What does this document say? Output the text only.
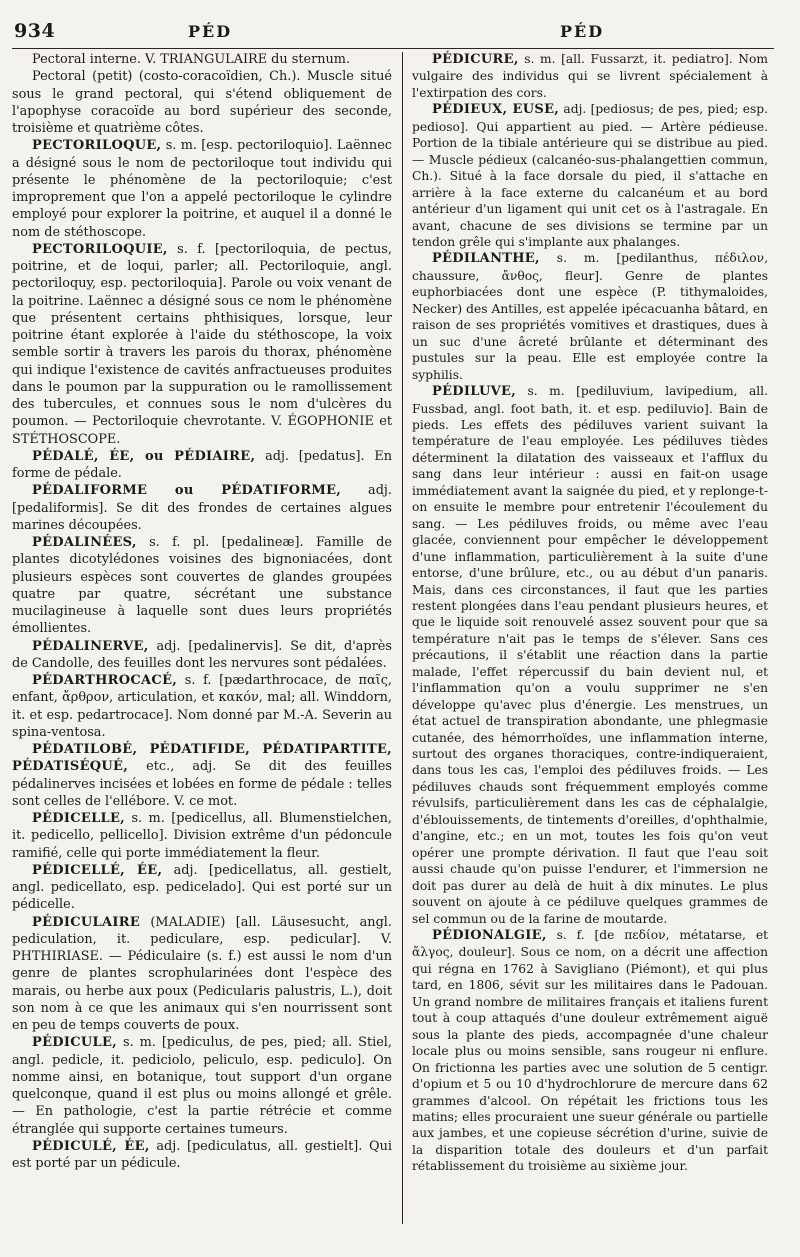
934	PÉD	PÉD

Pectoral interne. V. TRIANGULAIRE du sternum.

Pectoral (petit) (costo-coracoïdien, Ch.). Muscle situé sous le grand pectoral, qui s'étend obliquement de l'apophyse coracoïde au bord supérieur des seconde, troisième et quatrième côtes.

PECTORILOQUE, s. m. [esp. pectoriloquio]. Laënnec a désigné sous le nom de pectoriloque tout individu qui présente le phénomène de la pectoriloquie; c'est improprement que l'on a appelé pectoriloque le cylindre employé pour explorer la poitrine, et auquel il a donné le nom de stéthoscope.

PECTORILOQUIE, s. f. [pectoriloquia, de pectus, poitrine, et de loqui, parler; all. Pectoriloquie, angl. pectoriloquy, esp. pectoriloquia]. Parole ou voix venant de la poitrine. Laënnec a désigné sous ce nom le phénomène que présentent certains phthisiques, lorsque, leur poitrine étant explorée à l'aide du stéthoscope, la voix semble sortir à travers les parois du thorax, phénomène qui indique l'existence de cavités anfractueuses produites dans le poumon par la suppuration ou le ramollissement des tubercules, et connues sous le nom d'ulcères du poumon. — Pectoriloquie chevrotante. V. ÉGOPHONIE et STÉTHOSCOPE.

PÉDALÉ, ÉE, ou PÉDIAIRE, adj. [pedatus]. En forme de pédale.

PÉDALIFORME ou PÉDATIFORME, adj. [pedaliformis]. Se dit des frondes de certaines algues marines découpées.

PÉDALINÉES, s. f. pl. [pedalineæ]. Famille de plantes dicotylédones voisines des bignoniacées, dont plusieurs espèces sont couvertes de glandes groupées quatre par quatre, sécrétant une substance mucilagineuse à laquelle sont dues leurs propriétés émollientes.

PÉDALINERVE, adj. [pedalinervis]. Se dit, d'après de Candolle, des feuilles dont les nervures sont pédalées.

PÉDARTHROCACÉ, s. f. [pædarthrocace, de παῖς, enfant, ἄρθρον, articulation, et κακόν, mal; all. Winddorn, it. et esp. pedartrocace]. Nom donné par M.-A. Severin au spina-ventosa.

PÉDATILOBÉ, PÉDATIFIDE, PÉDATIPARTITE, PÉDATISÉQUÉ, etc., adj. Se dit des feuilles pédalinerves incisées et lobées en forme de pédale : telles sont celles de l'ellébore. V. ce mot.

PÉDICELLE, s. m. [pedicellus, all. Blumenstielchen, it. pedicello, pellicello]. Division extrême d'un pédoncule ramifié, celle qui porte immédiatement la fleur.

PÉDICELLÉ, ÉE, adj. [pedicellatus, all. gestielt, angl. pedicellato, esp. pedicelado]. Qui est porté sur un pédicelle.

PÉDICULAIRE (MALADIE) [all. Läusesucht, angl. pediculation, it. pediculare, esp. pedicular]. V. PHTHIRIASE. — Pédiculaire (s. f.) est aussi le nom d'un genre de plantes scrophularinées dont l'espèce des marais, ou herbe aux poux (Pedicularis palustris, L.), doit son nom à ce que les animaux qui s'en nourrissent sont en peu de temps couverts de poux.

PÉDICULE, s. m. [pediculus, de pes, pied; all. Stiel, angl. pedicle, it. pediciolo, peliculo, esp. pediculo]. On nomme ainsi, en botanique, tout support d'un organe quelconque, quand il est plus ou moins allongé et grêle. — En pathologie, c'est la partie rétrécie et comme étranglée qui supporte certaines tumeurs.

PÉDICULÉ, ÉE, adj. [pediculatus, all. gestielt]. Qui est porté par un pédicule.

PÉDICURE, s. m. [all. Fussarzt, it. pediatro]. Nom vulgaire des individus qui se livrent spécialement à l'extirpation des cors.

PÉDIEUX, EUSE, adj. [pediosus; de pes, pied; esp. pedioso]. Qui appartient au pied. — Artère pédieuse. Portion de la tibiale antérieure qui se distribue au pied. — Muscle pédieux (calcanéo-sus-phalangettien commun, Ch.). Situé à la face dorsale du pied, il s'attache en arrière à la face externe du calcanéum et au bord antérieur d'un ligament qui unit cet os à l'astragale. En avant, chacune de ses divisions se termine par un tendon grêle qui s'implante aux phalanges.

PÉDILANTHE, s. m. [pedilanthus, πέδιλον, chaussure, ἄνθος, fleur]. Genre de plantes euphorbiacées dont une espèce (P. tithymaloides, Necker) des Antilles, est appelée ipécacuanha bâtard, en raison de ses propriétés vomitives et drastiques, dues à un suc d'une âcreté brûlante et déterminant des pustules sur la peau. Elle est employée contre la syphilis.

PÉDILUVE, s. m. [pediluvium, lavipedium, all. Fussbad, angl. foot bath, it. et esp. pediluvio]. Bain de pieds. Les effets des pédiluves varient suivant la température de l'eau employée. Les pédiluves tièdes déterminent la dilatation des vaisseaux et l'afflux du sang dans leur intérieur : aussi en fait-on usage immédiatement avant la saignée du pied, et y replonge-t-on ensuite le membre pour entretenir l'écoulement du sang. — Les pédiluves froids, ou même avec l'eau glacée, conviennent pour empêcher le développement d'une inflammation, particulièrement à la suite d'une entorse, d'une brûlure, etc., ou au début d'un panaris. Mais, dans ces circonstances, il faut que les parties restent plongées dans l'eau pendant plusieurs heures, et que le liquide soit renouvelé assez souvent pour que sa température n'ait pas le temps de s'élever. Sans ces précautions, il s'établit une réaction dans la partie malade, l'effet répercussif du bain devient nul, et l'inflammation qu'on a voulu supprimer ne s'en développe qu'avec plus d'énergie. Les menstrues, un état actuel de transpiration abondante, une phlegmasie cutanée, des hémorrhoïdes, une inflammation interne, surtout des organes thoraciques, contre-indiqueraient, dans tous les cas, l'emploi des pédiluves froids. — Les pédiluves chauds sont fréquemment employés comme révulsifs, particulièrement dans les cas de céphalalgie, d'éblouissements, de tintements d'oreilles, d'ophthalmie, d'angine, etc.; en un mot, toutes les fois qu'on veut opérer une prompte dérivation. Il faut que l'eau soit aussi chaude qu'on puisse l'endurer, et l'immersion ne doit pas durer au delà de huit à dix minutes. Le plus souvent on ajoute à ce pédiluve quelques grammes de sel commun ou de la farine de moutarde.

PÉDIONALGIE, s. f. [de πεδίον, métatarse, et ἄλγος, douleur]. Sous ce nom, on a décrit une affection qui régna en 1762 à Savigliano (Piémont), et qui plus tard, en 1806, sévit sur les militaires dans le Padouan. Un grand nombre de militaires français et italiens furent tout à coup attaqués d'une douleur extrêmement aiguë sous la plante des pieds, accompagnée d'une chaleur locale plus ou moins sensible, sans rougeur ni enflure. On frictionna les parties avec une solution de 5 centigr. d'opium et 5 ou 10 d'hydrochlorure de mercure dans 62 grammes d'alcool. On répétait les frictions tous les matins; elles procuraient une sueur générale ou partielle aux jambes, et une copieuse sécrétion d'urine, suivie de la disparition totale des douleurs et d'un parfait rétablissement du troisième au sixième jour.
